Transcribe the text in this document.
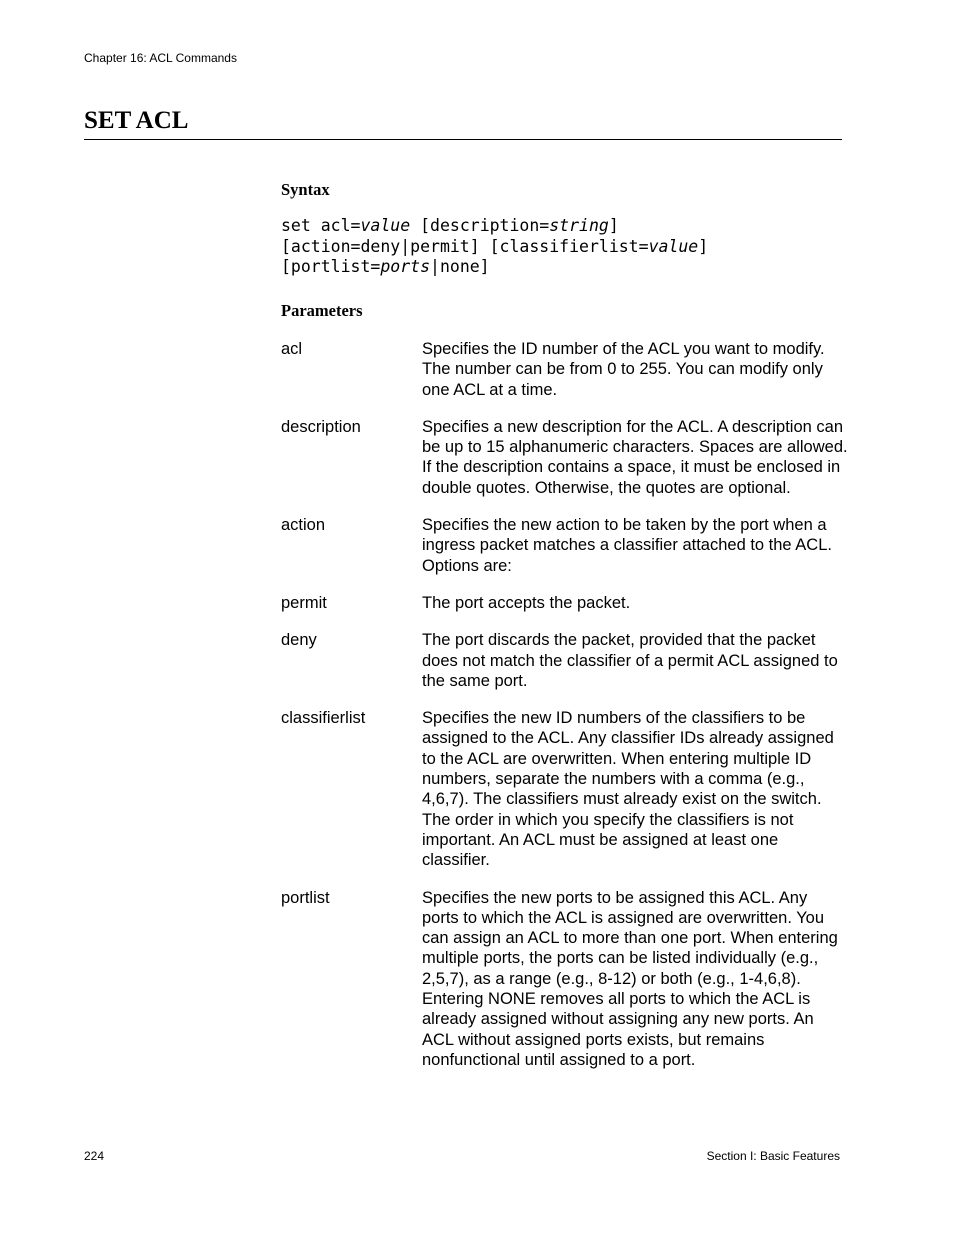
Chapter 16: ACL Commands
SET ACL
Syntax
set acl=value [description=string]
[action=deny|permit] [classifierlist=value]
[portlist=ports|none]
Parameters
acl	Specifies the ID number of the ACL you want to modify. The number can be from 0 to 255. You can modify only one ACL at a time.
description	Specifies a new description for the ACL. A description can be up to 15 alphanumeric characters. Spaces are allowed. If the description contains a space, it must be enclosed in double quotes. Otherwise, the quotes are optional.
action	Specifies the new action to be taken by the port when a ingress packet matches a classifier attached to the ACL. Options are:
permit	The port accepts the packet.
deny	The port discards the packet, provided that the packet does not match the classifier of a permit ACL assigned to the same port.
classifierlist	Specifies the new ID numbers of the classifiers to be assigned to the ACL. Any classifier IDs already assigned to the ACL are overwritten. When entering multiple ID numbers, separate the numbers with a comma (e.g., 4,6,7). The classifiers must already exist on the switch. The order in which you specify the classifiers is not important. An ACL must be assigned at least one classifier.
portlist	Specifies the new ports to be assigned this ACL. Any ports to which the ACL is assigned are overwritten. You can assign an ACL to more than one port. When entering multiple ports, the ports can be listed individually (e.g., 2,5,7), as a range (e.g., 8-12) or both (e.g., 1-4,6,8). Entering NONE removes all ports to which the ACL is already assigned without assigning any new ports. An ACL without assigned ports exists, but remains nonfunctional until assigned to a port.
224	Section I: Basic Features
